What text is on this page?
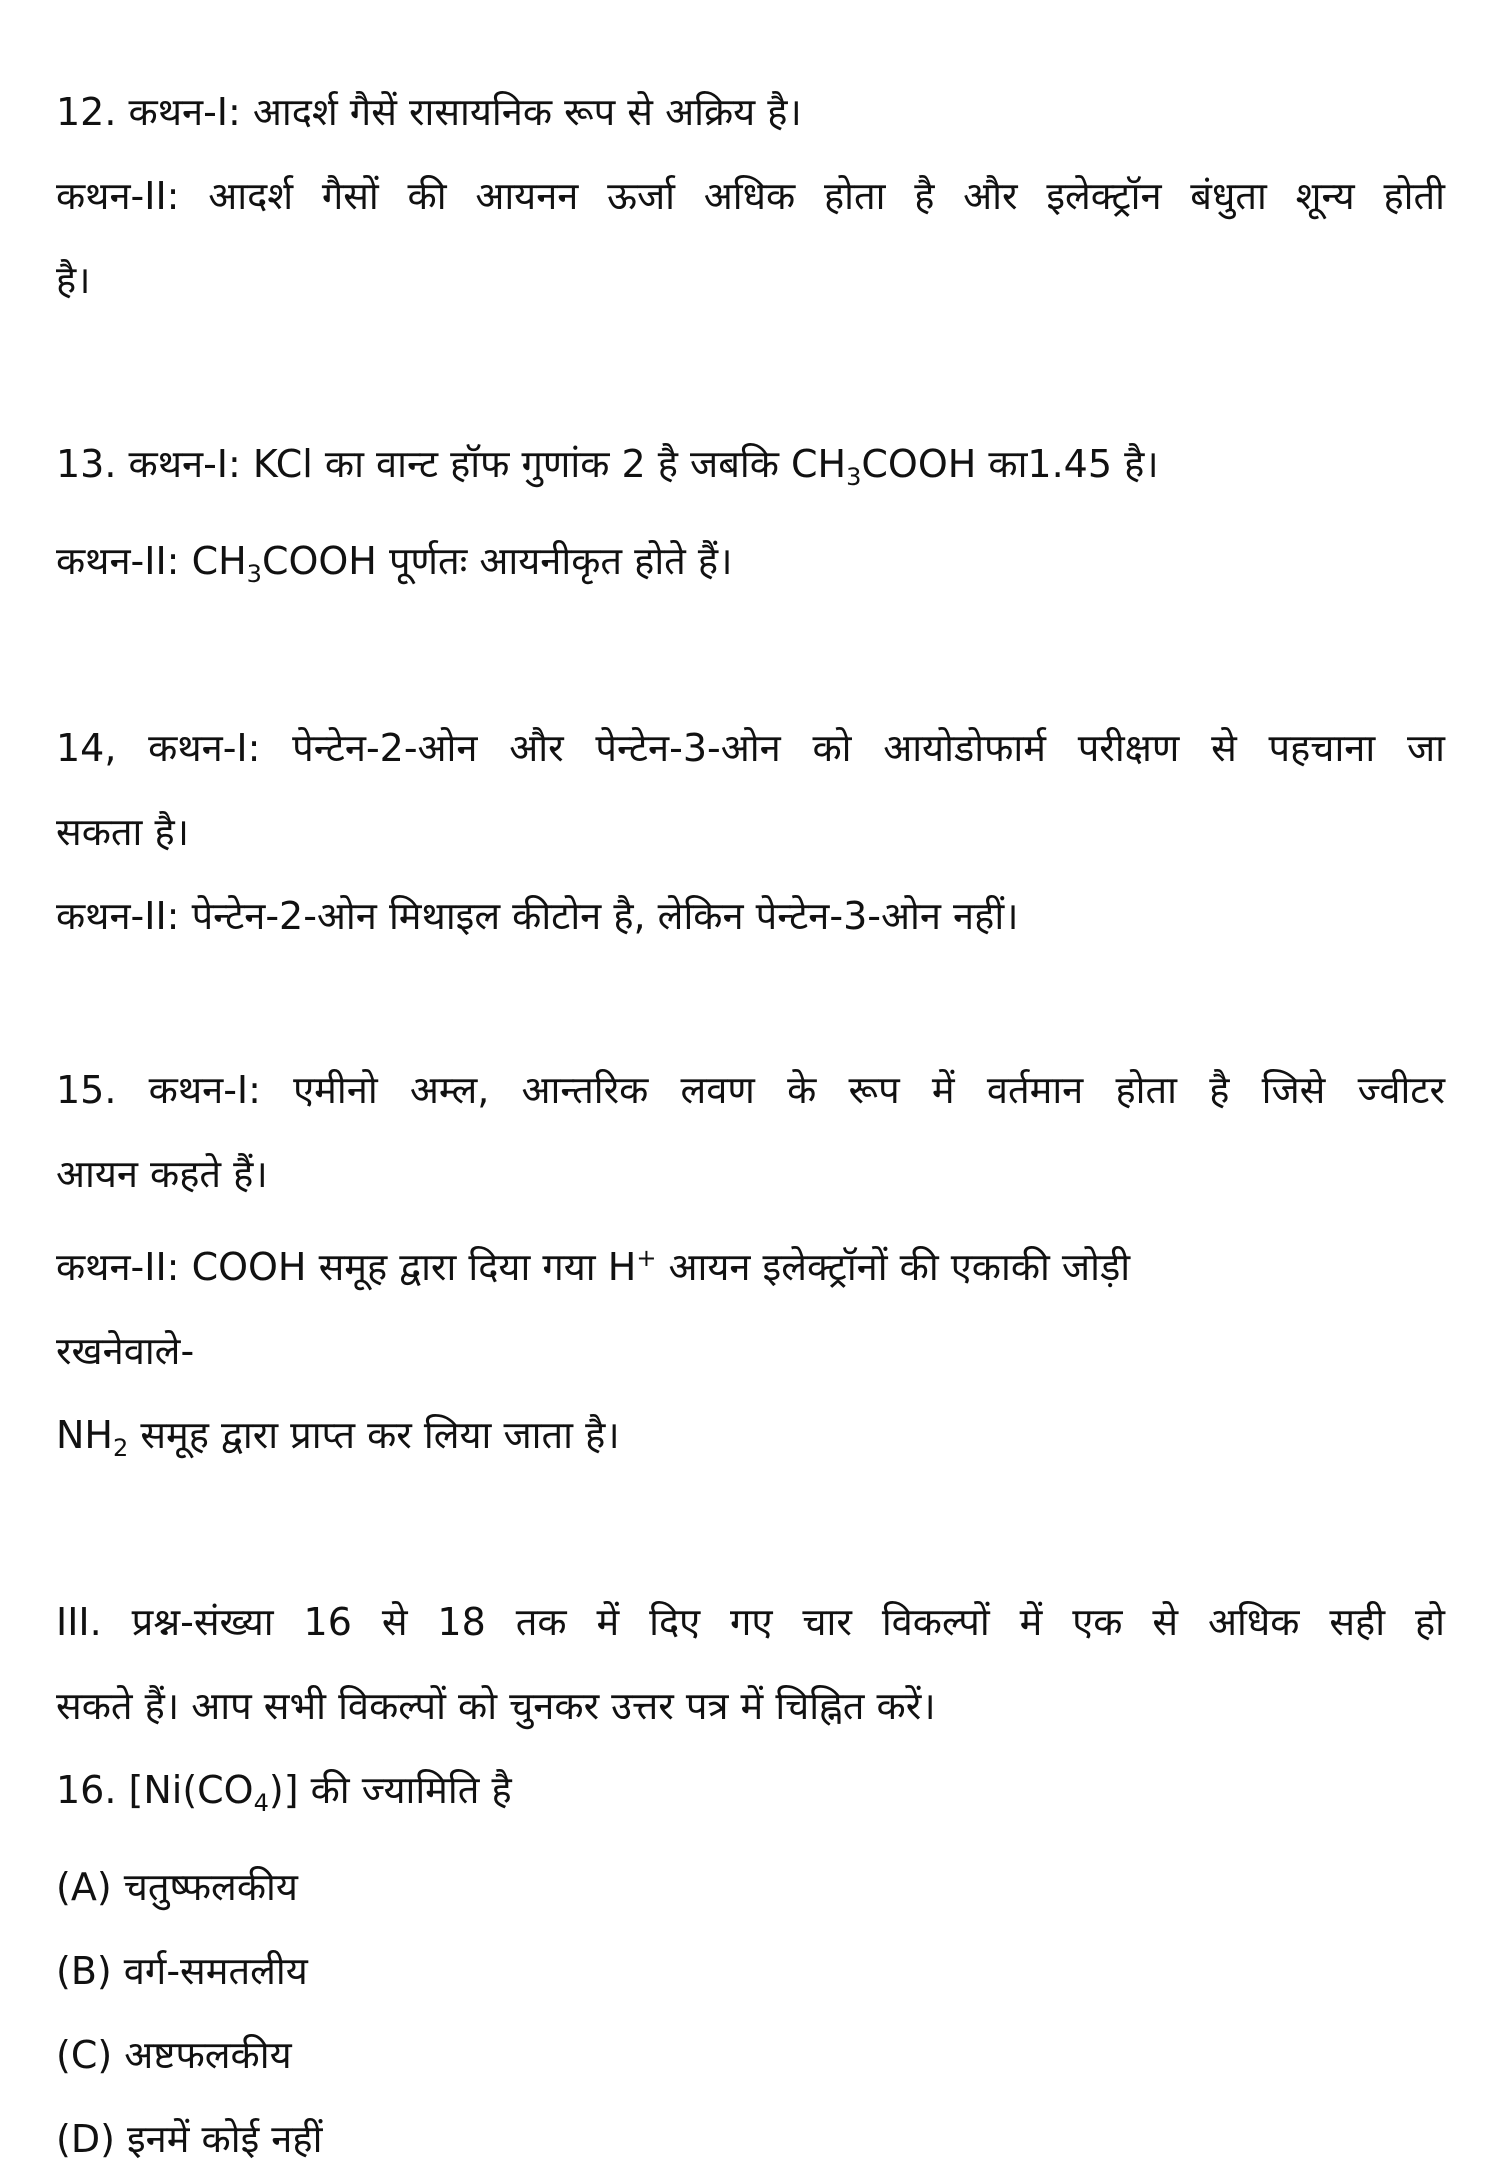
12. कथन-I: आदर्श गैसें रासायनिक रूप से अक्रिय है।

कथन-II: आदर्श गैसों की आयनन ऊर्जा अधिक होता है और इलेक्ट्रॉन बंधुता शून्य होती

है।

13. कथन-I: KCl का वान्ट हॉफ गुणांक 2 है जबकि $CH_3COOH$ का1.45 है।

कथन-II: $CH_3COOH$ पूर्णतः आयनीकृत होते हैं।

14, कथन-I: पेन्टेन-2-ओन और पेन्टेन-3-ओन को आयोडोफार्म परीक्षण से पहचाना जा

सकता है।

कथन-II: पेन्टेन-2-ओन मिथाइल कीटोन है, लेकिन पेन्टेन-3-ओन नहीं।

15. कथन-I: एमीनो अम्ल, आन्तरिक लवण के रूप में वर्तमान होता है जिसे ज्वीटर

आयन कहते हैं।

कथन-II: COOH समूह द्वारा दिया गया H+ आयन इलेक्ट्रॉनों की एकाकी जोड़ी

रखनेवाले-

$NH_2$ समूह द्वारा प्राप्त कर लिया जाता है।

III. प्रश्न-संख्या 16 से 18 तक में दिए गए चार विकल्पों में एक से अधिक सही हो

सकते हैं। आप सभी विकल्पों को चुनकर उत्तर पत्र में चिह्नित करें।

16. $[Ni(CO_4)]$ की ज्यामिति है

(A) चतुष्फलकीय

(B) वर्ग-समतलीय

(C) अष्टफलकीय

(D) इनमें कोई नहीं
